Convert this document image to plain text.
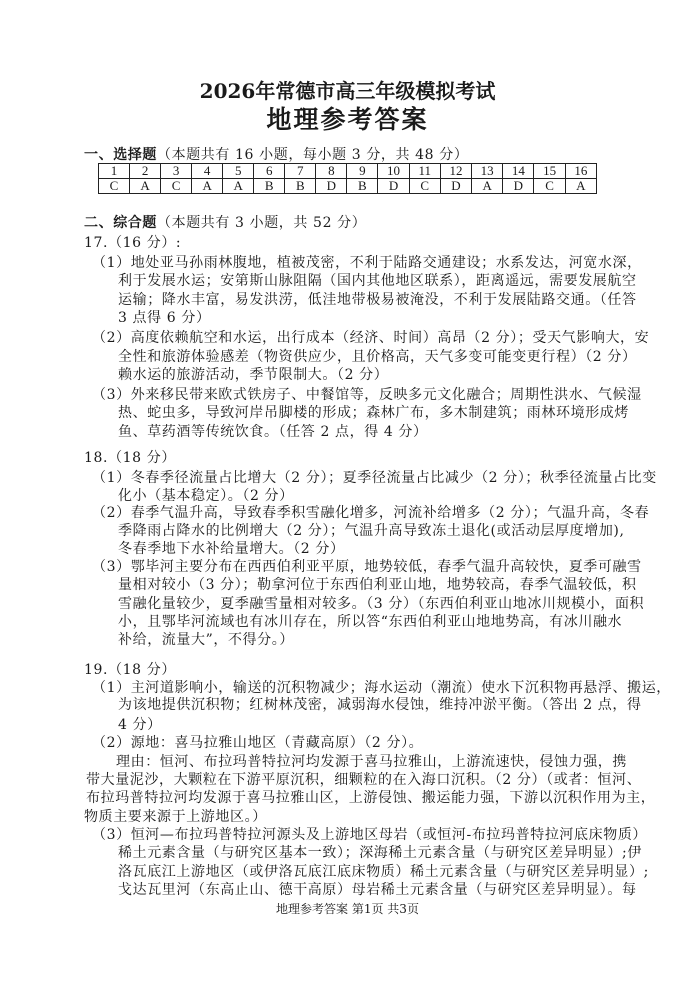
2026年常德市高三年级模拟考试
地理参考答案
一、选择题（本题共有 16 小题，每小题 3 分，共 48 分）
1	2	3	4	5	6	7	8	9	10	11	12	13	14	15	16
C	A	C	A	A	B	B	D	B	D	C	D	A	D	C	A
二、综合题（本题共有 3 小题，共 52 分）
17.（16 分）:
（1）地处亚马孙雨林腹地，植被茂密，不利于陆路交通建设；水系发达，河宽水深，
利于发展水运；安第斯山脉阻隔（国内其他地区联系），距离遥远，需要发展航空
运输；降水丰富，易发洪涝，低洼地带极易被淹没，不利于发展陆路交通。（任答
3 点得 6 分）
（2）高度依赖航空和水运，出行成本（经济、时间）高昂（2 分）；受天气影响大，安
全性和旅游体验感差（物资供应少，且价格高，天气多变可能变更行程）（2 分）
赖水运的旅游活动，季节限制大。（2 分）
（3）外来移民带来欧式铁房子、中餐馆等，反映多元文化融合；周期性洪水、气候湿
热、蛇虫多，导致河岸吊脚楼的形成；森林广布，多木制建筑；雨林环境形成烤
鱼、草药酒等传统饮食。（任答 2 点，得 4 分）
18.（18 分）
（1）冬春季径流量占比增大（2 分）；夏季径流量占比减少（2 分）；秋季径流量占比变
化小（基本稳定）。（2 分）
（2）春季气温升高，导致春季积雪融化增多，河流补给增多（2 分）；气温升高，冬春
季降雨占降水的比例增大（2 分）；气温升高导致冻土退化(或活动层厚度增加),
冬春季地下水补给量增大。（2 分）
（3）鄂毕河主要分布在西西伯利亚平原，地势较低，春季气温升高较快，夏季可融雪
量相对较小（3 分）；勒拿河位于东西伯利亚山地，地势较高，春季气温较低，积
雪融化量较少，夏季融雪量相对较多。（3 分）（东西伯利亚山地冰川规模小，面积
小，且鄂毕河流域也有冰川存在，所以答“东西伯利亚山地地势高，有冰川融水
补给，流量大”，不得分。）
19.（18 分）
（1）主河道影响小，输送的沉积物减少；海水运动（潮流）使水下沉积物再悬浮、搬运，
为该地提供沉积物；红树林茂密，减弱海水侵蚀，维持冲淤平衡。（答出 2 点，得
4 分）
（2）源地：喜马拉雅山地区（青藏高原）（2 分）。
理由：恒河、布拉玛普特拉河均发源于喜马拉雅山，上游流速快，侵蚀力强，携
带大量泥沙，大颗粒在下游平原沉积，细颗粒的在入海口沉积。（2 分）（或者：恒河、
布拉玛普特拉河均发源于喜马拉雅山区，上游侵蚀、搬运能力强，下游以沉积作用为主，
物质主要来源于上游地区。）
（3）恒河—布拉玛普特拉河源头及上游地区母岩（或恒河-布拉玛普特拉河底床物质）
稀土元素含量（与研究区基本一致）；深海稀土元素含量（与研究区差异明显）;伊
洛瓦底江上游地区（或伊洛瓦底江底床物质）稀土元素含量（与研究区差异明显）;
戈达瓦里河（东高止山、德干高原）母岩稀土元素含量（与研究区差异明显）。每
地理参考答案 第1页 共3页
